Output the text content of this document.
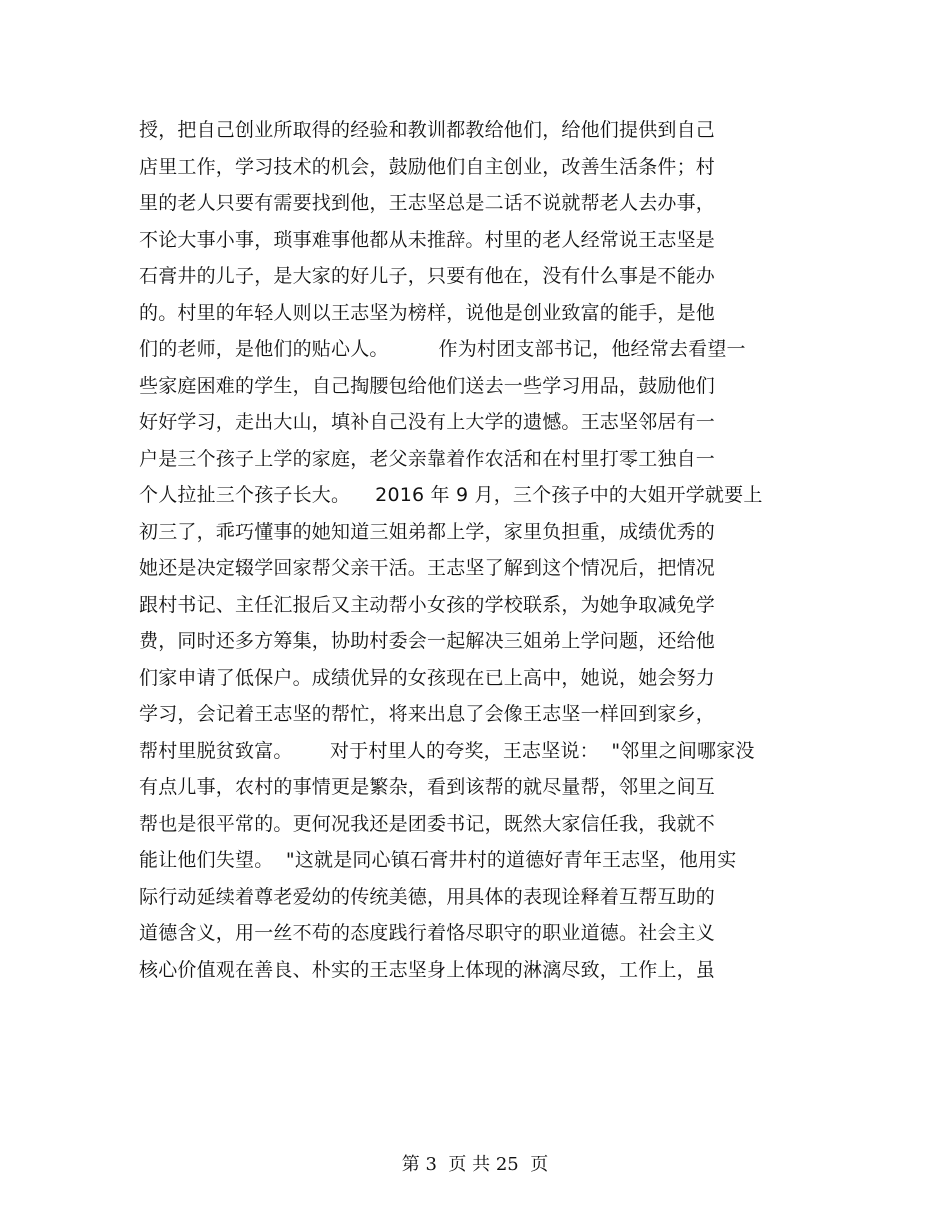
授，把自己创业所取得的经验和教训都教给他们，给他们提供到自己
店里工作，学习技术的机会，鼓励他们自主创业，改善生活条件；村
里的老人只要有需要找到他，王志坚总是二话不说就帮老人去办事，
不论大事小事，琐事难事他都从未推辞。村里的老人经常说王志坚是
石膏井的儿子，是大家的好儿子，只要有他在，没有什么事是不能办
的。村里的年轻人则以王志坚为榜样，说他是创业致富的能手，是他
们的老师，是他们的贴心人。        作为村团支部书记，他经常去看望一
些家庭困难的学生，自己掏腰包给他们送去一些学习用品，鼓励他们
好好学习，走出大山，填补自己没有上大学的遗憾。王志坚邻居有一
户是三个孩子上学的家庭，老父亲靠着作农活和在村里打零工独自一
个人拉扯三个孩子长大。    2016 年 9 月，三个孩子中的大姐开学就要上
初三了，乖巧懂事的她知道三姐弟都上学，家里负担重，成绩优秀的
她还是决定辍学回家帮父亲干活。王志坚了解到这个情况后，把情况
跟村书记、主任汇报后又主动帮小女孩的学校联系，为她争取减免学
费，同时还多方筹集，协助村委会一起解决三姐弟上学问题，还给他
们家申请了低保户。成绩优异的女孩现在已上高中，她说，她会努力
学习，会记着王志坚的帮忙，将来出息了会像王志坚一样回到家乡，
帮村里脱贫致富。      对于村里人的夸奖，王志坚说：  "邻里之间哪家没
有点儿事，农村的事情更是繁杂，看到该帮的就尽量帮，邻里之间互
帮也是很平常的。更何况我还是团委书记，既然大家信任我，我就不
能让他们失望。  "这就是同心镇石膏井村的道德好青年王志坚，他用实
际行动延续着尊老爱幼的传统美德，用具体的表现诠释着互帮互助的
道德含义，用一丝不苟的态度践行着恪尽职守的职业道德。社会主义
核心价值观在善良、朴实的王志坚身上体现的淋漓尽致，工作上，虽
第 3  页 共 25  页
